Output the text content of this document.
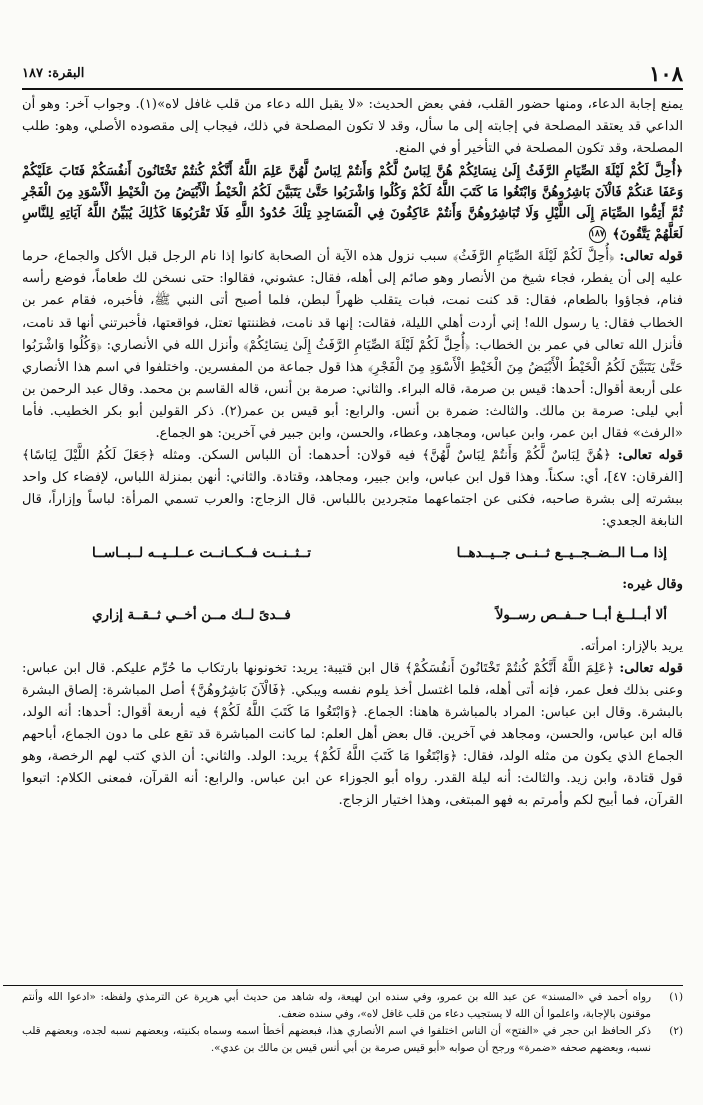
١٠٨
البقرة: ١٨٧

يمنع إجابة الدعاء، ومنها حضور القلب، ففي بعض الحديث: «لا يقبل الله دعاء من قلب غافل لاه»(١). وجواب آخر: وهو أن الداعي قد يعتقد المصلحة في إجابته إلى ما سأل، وقد لا تكون المصلحة في ذلك، فيجاب إلى مقصوده الأصلي، وهو: طلب المصلحة، وقد تكون المصلحة في التأخير أو في المنع.

﴿أُحِلَّ لَكُمْ لَيْلَةَ الصِّيَامِ الرَّفَثُ إِلَىٰ نِسَائِكُمْ هُنَّ لِبَاسٌ لَّكُمْ وَأَنتُمْ لِبَاسٌ لَّهُنَّ عَلِمَ اللَّهُ أَنَّكُمْ كُنتُمْ تَخْتَانُونَ أَنفُسَكُمْ فَتَابَ عَلَيْكُمْ وَعَفَا عَنكُمْ فَالْآنَ بَاشِرُوهُنَّ وَابْتَغُوا مَا كَتَبَ اللَّهُ لَكُمْ وَكُلُوا وَاشْرَبُوا حَتَّىٰ يَتَبَيَّنَ لَكُمُ الْخَيْطُ الْأَبْيَضُ مِنَ الْخَيْطِ الْأَسْوَدِ مِنَ الْفَجْرِ ثُمَّ أَتِمُّوا الصِّيَامَ إِلَى اللَّيْلِ وَلَا تُبَاشِرُوهُنَّ وَأَنتُمْ عَاكِفُونَ فِي الْمَسَاجِدِ تِلْكَ حُدُودُ اللَّهِ فَلَا تَقْرَبُوهَا كَذَٰلِكَ يُبَيِّنُ اللَّهُ آيَاتِهِ لِلنَّاسِ لَعَلَّهُمْ يَتَّقُونَ﴾ ١٨٧

قوله تعالى: ﴿أُحِلَّ لَكُمْ لَيْلَةَ الصِّيَامِ الرَّفَثُ﴾ سبب نزول هذه الآية أن الصحابة كانوا إذا نام الرجل قبل الأكل والجماع، حرما عليه إلى أن يفطر، فجاء شيخ من الأنصار وهو صائم إلى أهله، فقال: عشوني، فقالوا: حتى نسخن لك طعاماً، فوضع رأسه فنام، فجاؤوا بالطعام، فقال: قد كنت نمت، فبات يتقلب ظهراً لبطن، فلما أصبح أتى النبي ﷺ، فأخبره، فقام عمر بن الخطاب فقال: يا رسول الله! إني أردت أهلي الليلة، فقالت: إنها قد نامت، فظننتها تعتل، فواقعتها، فأخبرتني أنها قد نامت، فأنزل الله تعالى في عمر بن الخطاب: ﴿أُحِلَّ لَكُمْ لَيْلَةَ الصِّيَامِ الرَّفَثُ إِلَىٰ نِسَائِكُمْ﴾ وأنزل الله في الأنصاري: ﴿وَكُلُوا وَاشْرَبُوا حَتَّىٰ يَتَبَيَّنَ لَكُمُ الْخَيْطُ الْأَبْيَضُ مِنَ الْخَيْطِ الْأَسْوَدِ مِنَ الْفَجْرِ﴾ هذا قول جماعة من المفسرين. واختلفوا في اسم هذا الأنصاري على أربعة أقوال: أحدها: قيس بن صرمة، قاله البراء. والثاني: صرمة بن أنس، قاله القاسم بن محمد. وقال عبد الرحمن بن أبي ليلى: صرمة بن مالك. والثالث: ضمرة بن أنس. والرابع: أبو قيس بن عمر(٢). ذكر القولين أبو بكر الخطيب. فأما «الرفث» فقال ابن عمر، وابن عباس، ومجاهد، وعطاء، والحسن، وابن جبير في آخرين: هو الجماع.

قوله تعالى: ﴿هُنَّ لِبَاسٌ لَّكُمْ وَأَنتُمْ لِبَاسٌ لَّهُنَّ﴾ فيه قولان: أحدهما: أن اللباس السكن. ومثله ﴿جَعَلَ لَكُمُ اللَّيْلَ لِبَاسًا﴾ [الفرقان: ٤٧]، أي: سكناً. وهذا قول ابن عباس، وابن جبير، ومجاهد، وقتادة. والثاني: أنهن بمنزلة اللباس، لإفضاء كل واحد ببشرته إلى بشرة صاحبه، فكنى عن اجتماعهما متجردين باللباس. قال الزجاج: والعرب تسمي المرأة: لباساً وإزاراً، قال النابغة الجعدي:

إذا مــا الــضــجــيــع ثــنــى جــيــدهــا
تــثــنــت فــكــانــت عــلــيــه لــبــاســا

وقال غيره:

ألا أبــلــغ أبــا حــفــص رســولاً
فــدىً لــك مــن أخــي ثــقــة إزاري

يريد بالإزار: امرأته.

قوله تعالى: ﴿عَلِمَ اللَّهُ أَنَّكُمْ كُنتُمْ تَخْتَانُونَ أَنفُسَكُمْ﴾ قال ابن قتيبة: يريد: تخونونها بارتكاب ما حُرِّم عليكم. قال ابن عباس: وعنى بذلك فعل عمر، فإنه أتى أهله، فلما اغتسل أخذ يلوم نفسه ويبكي. ﴿فَالْآنَ بَاشِرُوهُنَّ﴾ أصل المباشرة: إلصاق البشرة بالبشرة. وقال ابن عباس: المراد بالمباشرة هاهنا: الجماع. ﴿وَابْتَغُوا مَا كَتَبَ اللَّهُ لَكُمْ﴾ فيه أربعة أقوال: أحدها: أنه الولد، قاله ابن عباس، والحسن، ومجاهد في آخرين. قال بعض أهل العلم: لما كانت المباشرة قد تقع على ما دون الجماع، أباحهم الجماع الذي يكون من مثله الولد، فقال: ﴿وَابْتَغُوا مَا كَتَبَ اللَّهُ لَكُمْ﴾ يريد: الولد. والثاني: أن الذي كتب لهم الرخصة، وهو قول قتادة، وابن زيد. والثالث: أنه ليلة القدر. رواه أبو الجوزاء عن ابن عباس. والرابع: أنه القرآن، فمعنى الكلام: اتبعوا القرآن، فما أبيح لكم وأمرتم به فهو المبتغى، وهذا اختيار الزجاج.

(١)
رواه أحمد في «المسند» عن عبد الله بن عمرو، وفي سنده ابن لهيعة، وله شاهد من حديث أبي هريرة عن الترمذي ولفظه: «ادعوا الله وأنتم موقنون بالإجابة، واعلموا أن الله لا يستجيب دعاء من قلب غافل لاه»، وفي سنده ضعف.
(٢)
ذكر الحافظ ابن حجر في «الفتح» أن الناس اختلفوا في اسم الأنصاري هذا، فبعضهم أخطأ اسمه وسماه بكنيته، وبعضهم نسبه لجده، وبعضهم قلب نسبه، وبعضهم صحفه «ضمرة» ورجح أن صوابه «أبو قيس صرمة بن أبي أنس قيس بن مالك بن عدي».
